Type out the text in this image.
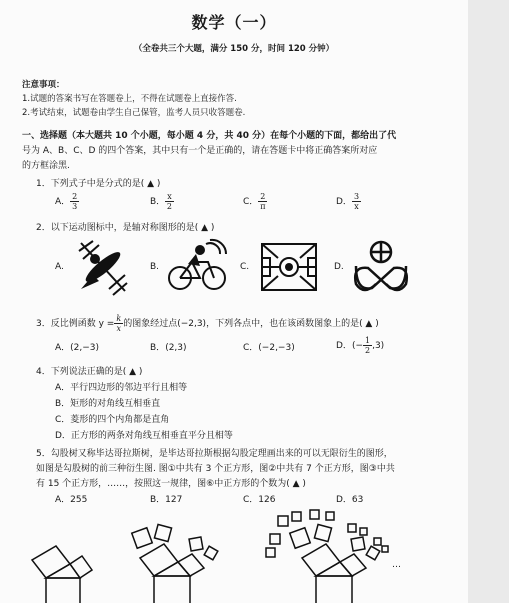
数学（一）
（全卷共三个大题，满分 150 分，时间 120 分钟）
注意事项：
1.试题的答案书写在答题卷上，不得在试题卷上直接作答.
2.考试结束，试题卷由学生自己保管，监考人员只收答题卷.
一、选择题（本大题共 10 个小题，每小题 4 分，共 40 分）在每个小题的下面，都给出了代
号为 A、B、C、D 的四个答案，其中只有一个是正确的，请在答题卡中将正确答案所对应
的方框涂黑.
1．下列式子中是分式的是( ▲ )
A． $\frac{2}{3}$	B． $\frac{x}{2}$	C． $\frac{2}{\pi}$	D． $\frac{3}{x}$
2．以下运动图标中，是轴对称图形的是( ▲ )
A.	B.	C.	D.
3．反比例函数 $y = \frac{k}{x}$ 的图象经过点(−2,3)，下列各点中，也在该函数图象上的是( ▲ )
A．(2,−3)	B．(2,3)	C．(−2,−3)	D．(− $\frac{1}{2} ,3$)
4．下列说法正确的是( ▲ )
A．平行四边形的邻边平行且相等
B．矩形的对角线互相垂直
C．菱形的四个内角都是直角
D．正方形的两条对角线互相垂直平分且相等
5．勾股树又称毕达哥拉斯树，是毕达哥拉斯根据勾股定理画出来的可以无限衍生的图形，
如图是勾股树的前三种衍生图. 图①中共有 3 个正方形，图②中共有 7 个正方形，图③中共
有 15 个正方形，……，按照这一规律，图⑥中正方形的个数为( ▲ )
A．255	B．127	C．126	D．63
…
